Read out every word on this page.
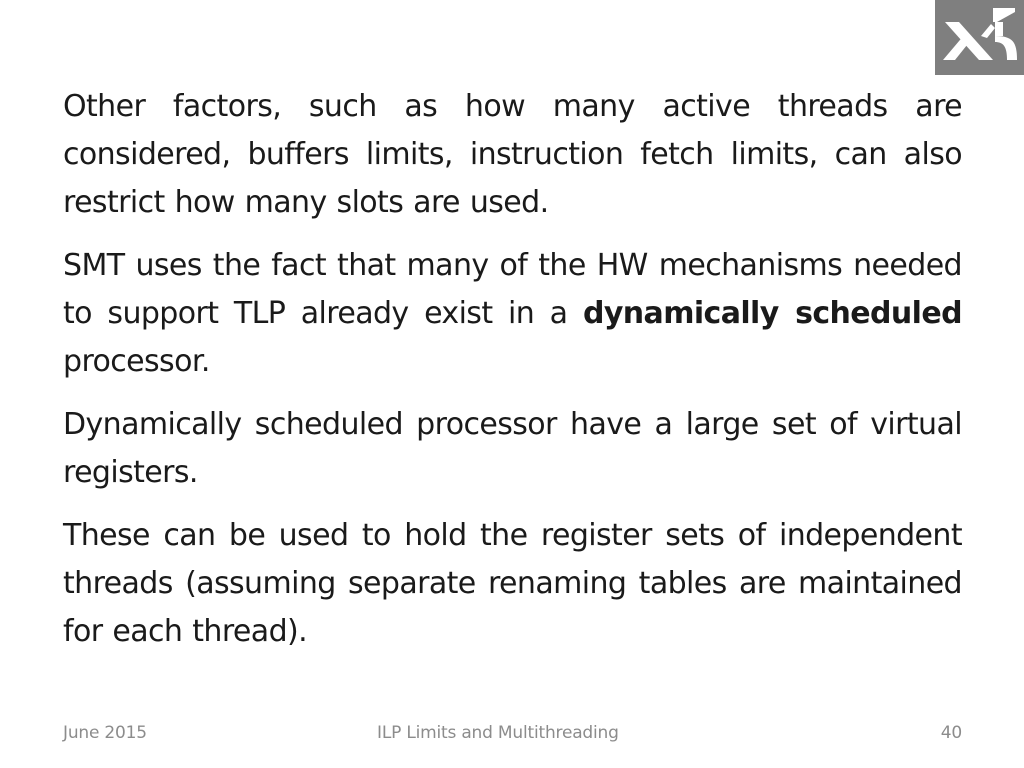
Other factors, such as how many active threads are considered, buffers limits, instruction fetch limits, can also restrict how many slots are used.

SMT uses the fact that many of the HW mechanisms needed to support TLP already exist in a dynamically scheduled processor.

Dynamically scheduled processor have a large set of virtual registers.

These can be used to hold the register sets of independent threads (assuming separate renaming tables are maintained for each thread).

June 2015	ILP Limits and Multithreading	40
